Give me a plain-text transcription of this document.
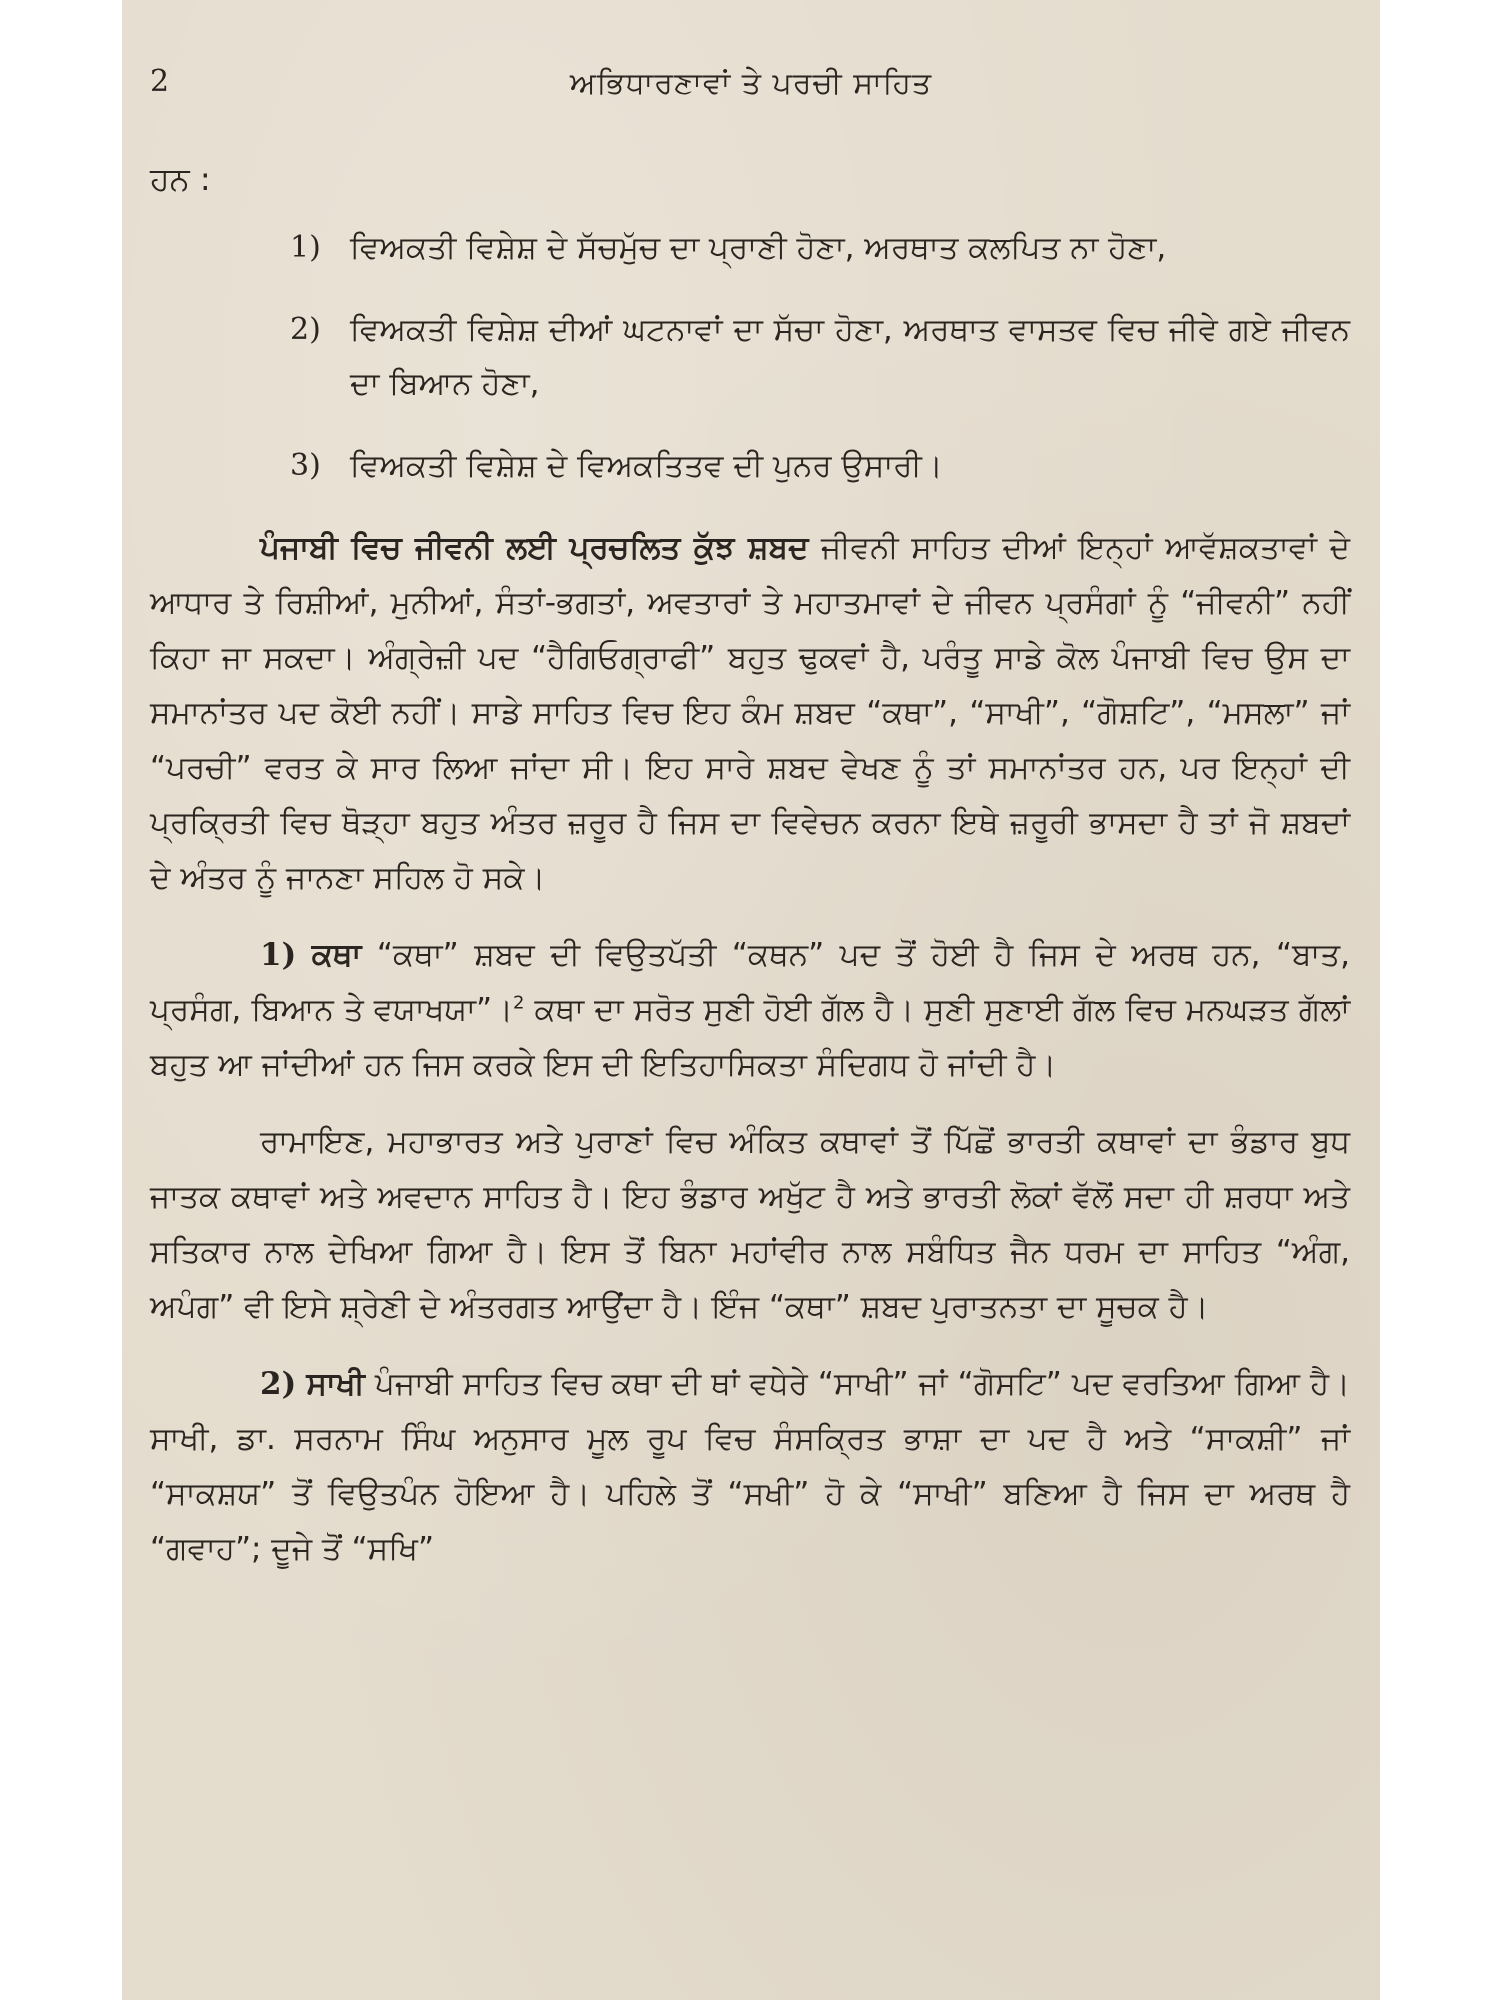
2	ਅਭਿਧਾਰਣਾਵਾਂ ਤੇ ਪਰਚੀ ਸਾਹਿਤ
ਹਨ :
1) ਵਿਅਕਤੀ ਵਿਸ਼ੇਸ਼ ਦੇ ਸੱਚਮੁੱਚ ਦਾ ਪ੍ਰਾਣੀ ਹੋਣਾ, ਅਰਥਾਤ ਕਲਪਿਤ ਨਾ ਹੋਣਾ,

2) ਵਿਅਕਤੀ ਵਿਸ਼ੇਸ਼ ਦੀਆਂ ਘਟਨਾਵਾਂ ਦਾ ਸੱਚਾ ਹੋਣਾ, ਅਰਥਾਤ ਵਾਸਤਵ ਵਿਚ ਜੀਵੇ ਗਏ ਜੀਵਨ ਦਾ ਬਿਆਨ ਹੋਣਾ,

3) ਵਿਅਕਤੀ ਵਿਸ਼ੇਸ਼ ਦੇ ਵਿਅਕਤਿਤਵ ਦੀ ਪੁਨਰ ਉਸਾਰੀ।

ਪੰਜਾਬੀ ਵਿਚ ਜੀਵਨੀ ਲਈ ਪ੍ਰਚਲਿਤ ਕੁੱਝ ਸ਼ਬਦ ਜੀਵਨੀ ਸਾਹਿਤ ਦੀਆਂ ਇਨ੍ਹਾਂ ਆਵੱਸ਼ਕਤਾਵਾਂ ਦੇ ਆਧਾਰ ਤੇ ਰਿਸ਼ੀਆਂ, ਮੁਨੀਆਂ, ਸੰਤਾਂ-ਭਗਤਾਂ, ਅਵਤਾਰਾਂ ਤੇ ਮਹਾਤਮਾਵਾਂ ਦੇ ਜੀਵਨ ਪ੍ਰਸੰਗਾਂ ਨੂੰ “ਜੀਵਨੀ” ਨਹੀਂ ਕਿਹਾ ਜਾ ਸਕਦਾ। ਅੰਗ੍ਰੇਜ਼ੀ ਪਦ “ਹੈਗਿਓਗ੍ਰਾਫੀ” ਬਹੁਤ ਢੁਕਵਾਂ ਹੈ, ਪਰੰਤੂ ਸਾਡੇ ਕੋਲ ਪੰਜਾਬੀ ਵਿਚ ਉਸ ਦਾ ਸਮਾਨਾਂਤਰ ਪਦ ਕੋਈ ਨਹੀਂ। ਸਾਡੇ ਸਾਹਿਤ ਵਿਚ ਇਹ ਕੰਮ ਸ਼ਬਦ “ਕਥਾ”, “ਸਾਖੀ”, “ਗੋਸ਼ਟਿ”, “ਮਸਲਾ” ਜਾਂ “ਪਰਚੀ” ਵਰਤ ਕੇ ਸਾਰ ਲਿਆ ਜਾਂਦਾ ਸੀ। ਇਹ ਸਾਰੇ ਸ਼ਬਦ ਵੇਖਣ ਨੂੰ ਤਾਂ ਸਮਾਨਾਂਤਰ ਹਨ, ਪਰ ਇਨ੍ਹਾਂ ਦੀ ਪ੍ਰਕ੍ਰਿਤੀ ਵਿਚ ਥੋੜ੍ਹਾ ਬਹੁਤ ਅੰਤਰ ਜ਼ਰੂਰ ਹੈ ਜਿਸ ਦਾ ਵਿਵੇਚਨ ਕਰਨਾ ਇਥੇ ਜ਼ਰੂਰੀ ਭਾਸਦਾ ਹੈ ਤਾਂ ਜੋ ਸ਼ਬਦਾਂ ਦੇ ਅੰਤਰ ਨੂੰ ਜਾਨਣਾ ਸਹਿਲ ਹੋ ਸਕੇ।

1) ਕਥਾ “ਕਥਾ” ਸ਼ਬਦ ਦੀ ਵਿਉਤਪੱਤੀ “ਕਥਨ” ਪਦ ਤੋਂ ਹੋਈ ਹੈ ਜਿਸ ਦੇ ਅਰਥ ਹਨ, “ਬਾਤ, ਪ੍ਰਸੰਗ, ਬਿਆਨ ਤੇ ਵਯਾਖਯਾ”।$^2$ ਕਥਾ ਦਾ ਸਰੋਤ ਸੁਣੀ ਹੋਈ ਗੱਲ ਹੈ। ਸੁਣੀ ਸੁਣਾਈ ਗੱਲ ਵਿਚ ਮਨਘੜਤ ਗੱਲਾਂ ਬਹੁਤ ਆ ਜਾਂਦੀਆਂ ਹਨ ਜਿਸ ਕਰਕੇ ਇਸ ਦੀ ਇਤਿਹਾਸਿਕਤਾ ਸੰਦਿਗਧ ਹੋ ਜਾਂਦੀ ਹੈ।

ਰਾਮਾਇਣ, ਮਹਾਭਾਰਤ ਅਤੇ ਪੁਰਾਣਾਂ ਵਿਚ ਅੰਕਿਤ ਕਥਾਵਾਂ ਤੋਂ ਪਿੱਛੋਂ ਭਾਰਤੀ ਕਥਾਵਾਂ ਦਾ ਭੰਡਾਰ ਬੁਧ ਜਾਤਕ ਕਥਾਵਾਂ ਅਤੇ ਅਵਦਾਨ ਸਾਹਿਤ ਹੈ। ਇਹ ਭੰਡਾਰ ਅਖੁੱਟ ਹੈ ਅਤੇ ਭਾਰਤੀ ਲੋਕਾਂ ਵੱਲੋਂ ਸਦਾ ਹੀ ਸ਼ਰਧਾ ਅਤੇ ਸਤਿਕਾਰ ਨਾਲ ਦੇਖਿਆ ਗਿਆ ਹੈ। ਇਸ ਤੋਂ ਬਿਨਾ ਮਹਾਂਵੀਰ ਨਾਲ ਸਬੰਧਿਤ ਜੈਨ ਧਰਮ ਦਾ ਸਾਹਿਤ “ਅੰਗ, ਅਪੰਗ” ਵੀ ਇਸੇ ਸ਼੍ਰੇਣੀ ਦੇ ਅੰਤਰਗਤ ਆਉਂਦਾ ਹੈ। ਇੰਜ “ਕਥਾ” ਸ਼ਬਦ ਪੁਰਾਤਨਤਾ ਦਾ ਸੂਚਕ ਹੈ।

2) ਸਾਖੀ ਪੰਜਾਬੀ ਸਾਹਿਤ ਵਿਚ ਕਥਾ ਦੀ ਥਾਂ ਵਧੇਰੇ “ਸਾਖੀ” ਜਾਂ “ਗੋਸਟਿ” ਪਦ ਵਰਤਿਆ ਗਿਆ ਹੈ। ਸਾਖੀ, ਡਾ. ਸਰਨਾਮ ਸਿੰਘ ਅਨੁਸਾਰ ਮੂਲ ਰੂਪ ਵਿਚ ਸੰਸਕ੍ਰਿਤ ਭਾਸ਼ਾ ਦਾ ਪਦ ਹੈ ਅਤੇ “ਸਾਕਸ਼ੀ” ਜਾਂ “ਸਾਕਸ਼ਯ” ਤੋਂ ਵਿਉਤਪੰਨ ਹੋਇਆ ਹੈ। ਪਹਿਲੇ ਤੋਂ “ਸਖੀ” ਹੋ ਕੇ “ਸਾਖੀ” ਬਣਿਆ ਹੈ ਜਿਸ ਦਾ ਅਰਥ ਹੈ “ਗਵਾਹ”; ਦੂਜੇ ਤੋਂ “ਸਖਿ”
